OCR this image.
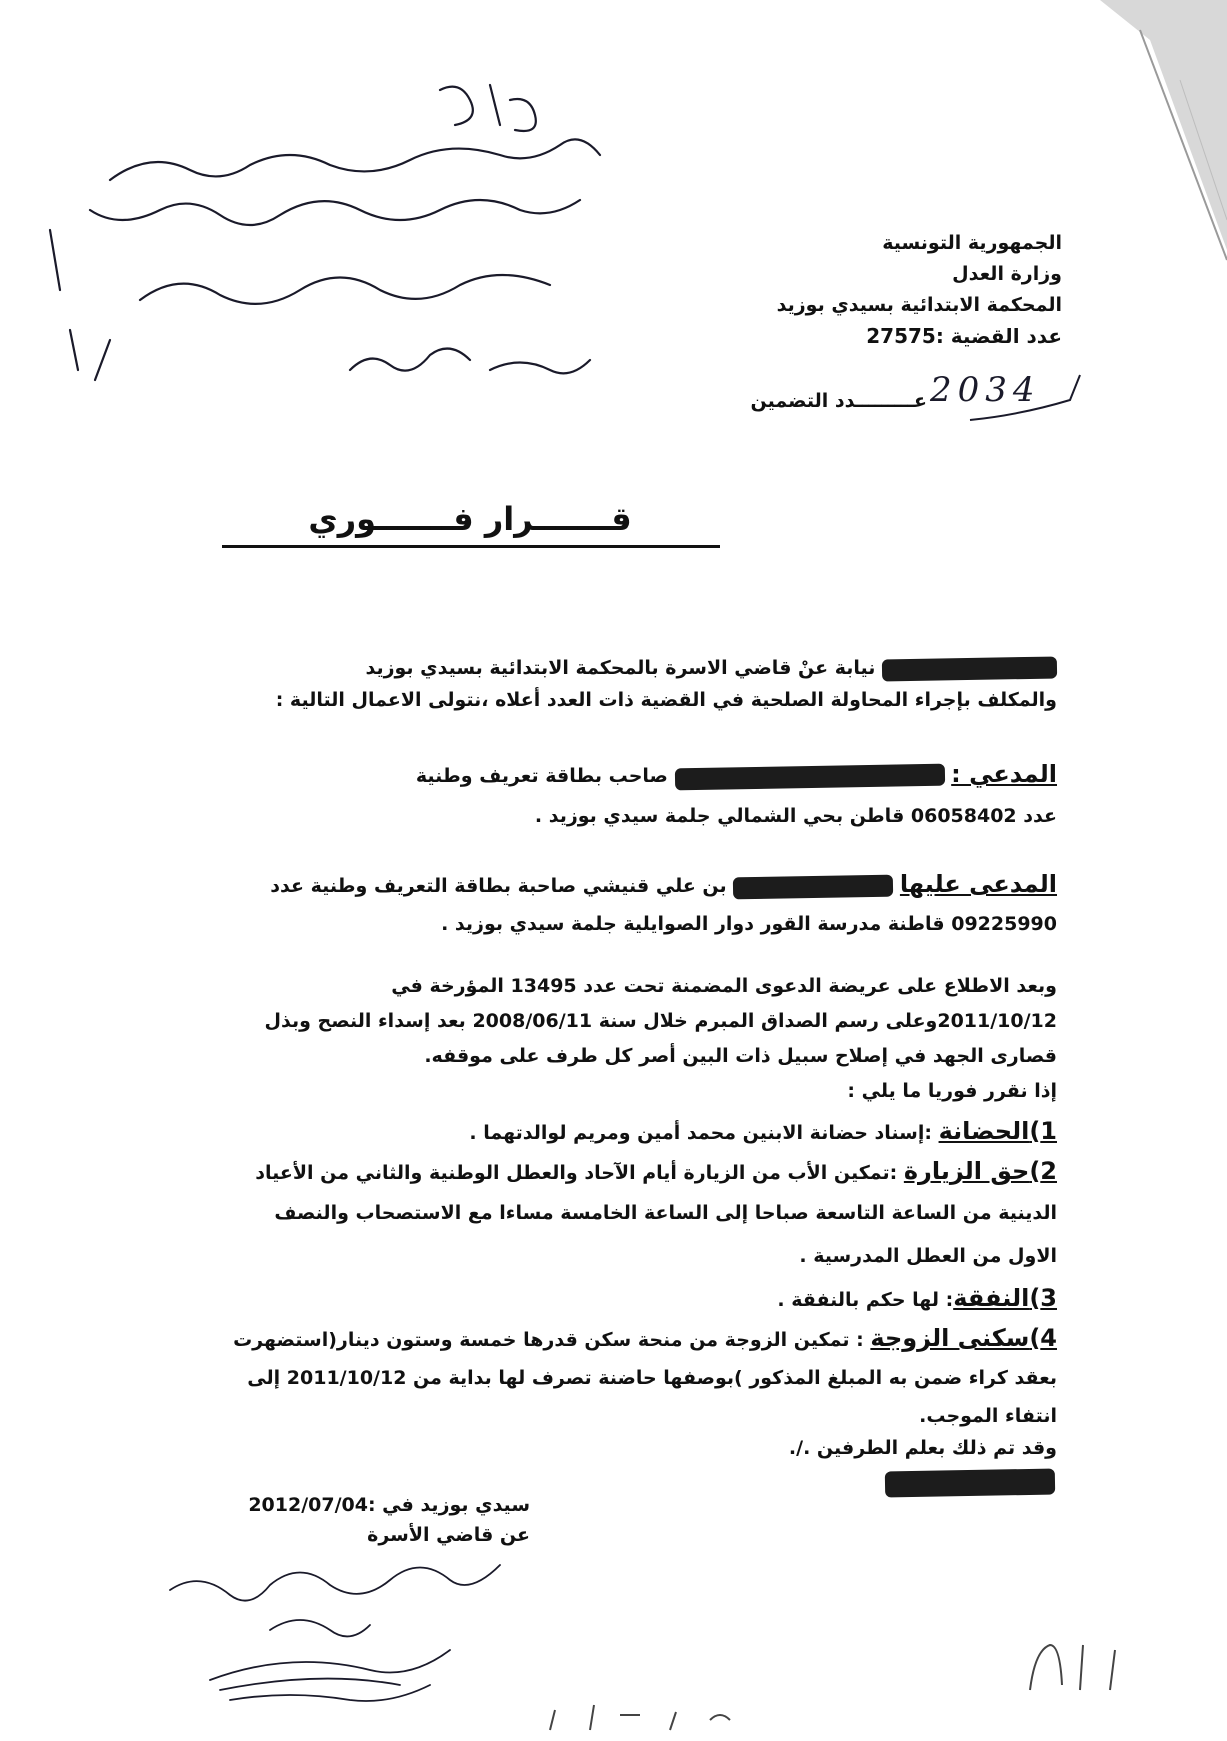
الجمهورية التونسية
وزارة العدل
المحكمة الابتدائية بسيدي بوزيد
عدد القضية :27575
عـــــــــدد التضمين 2034
قـــــــرار فـــــــوري
نيابة عنْ قاضي الاسرة بالمحكمة الابتدائية بسيدي بوزيد
والمكلف بإجراء المحاولة الصلحية في القضية ذات العدد أعلاه ،نتولى الاعمال التالية :
المدعي :  صاحب بطاقة تعريف وطنية
عدد 06058402 قاطن بحي الشمالي جلمة سيدي بوزيد .
المدعى عليها  بن علي قنيشي صاحبة بطاقة التعريف وطنية عدد
09225990 قاطنة مدرسة القور دوار الصوايلية جلمة سيدي بوزيد .
وبعد الاطلاع على عريضة الدعوى المضمنة تحت عدد 13495 المؤرخة في
2011/10/12وعلى رسم الصداق المبرم خلال سنة 2008/06/11 بعد إسداء النصح وبذل
قصارى الجهد في إصلاح سبيل ذات البين أصر كل طرف على موقفه.
إذا نقرر فوريا ما يلي :
1)الحضانة :إسناد حضانة الابنين محمد أمين ومريم لوالدتهما .
2)حق الزيارة :تمكين الأب من الزيارة أيام الآحاد والعطل الوطنية والثاني من الأعياد
الدينية من الساعة التاسعة صباحا إلى الساعة الخامسة مساءا مع الاستصحاب والنصف
الاول من العطل المدرسية .
3)النفقة: لها حكم بالنفقة .
4)سكنى الزوجة : تمكين الزوجة من منحة سكن قدرها خمسة وستون دينار(استضهرت
بعقد كراء ضمن به المبلغ المذكور )بوصفها حاضنة تصرف لها بداية من 2011/10/12 إلى
انتفاء الموجب.
وقد تم ذلك بعلم الطرفين ./.
سيدي بوزيد في :2012/07/04
عن قاضي الأسرة
